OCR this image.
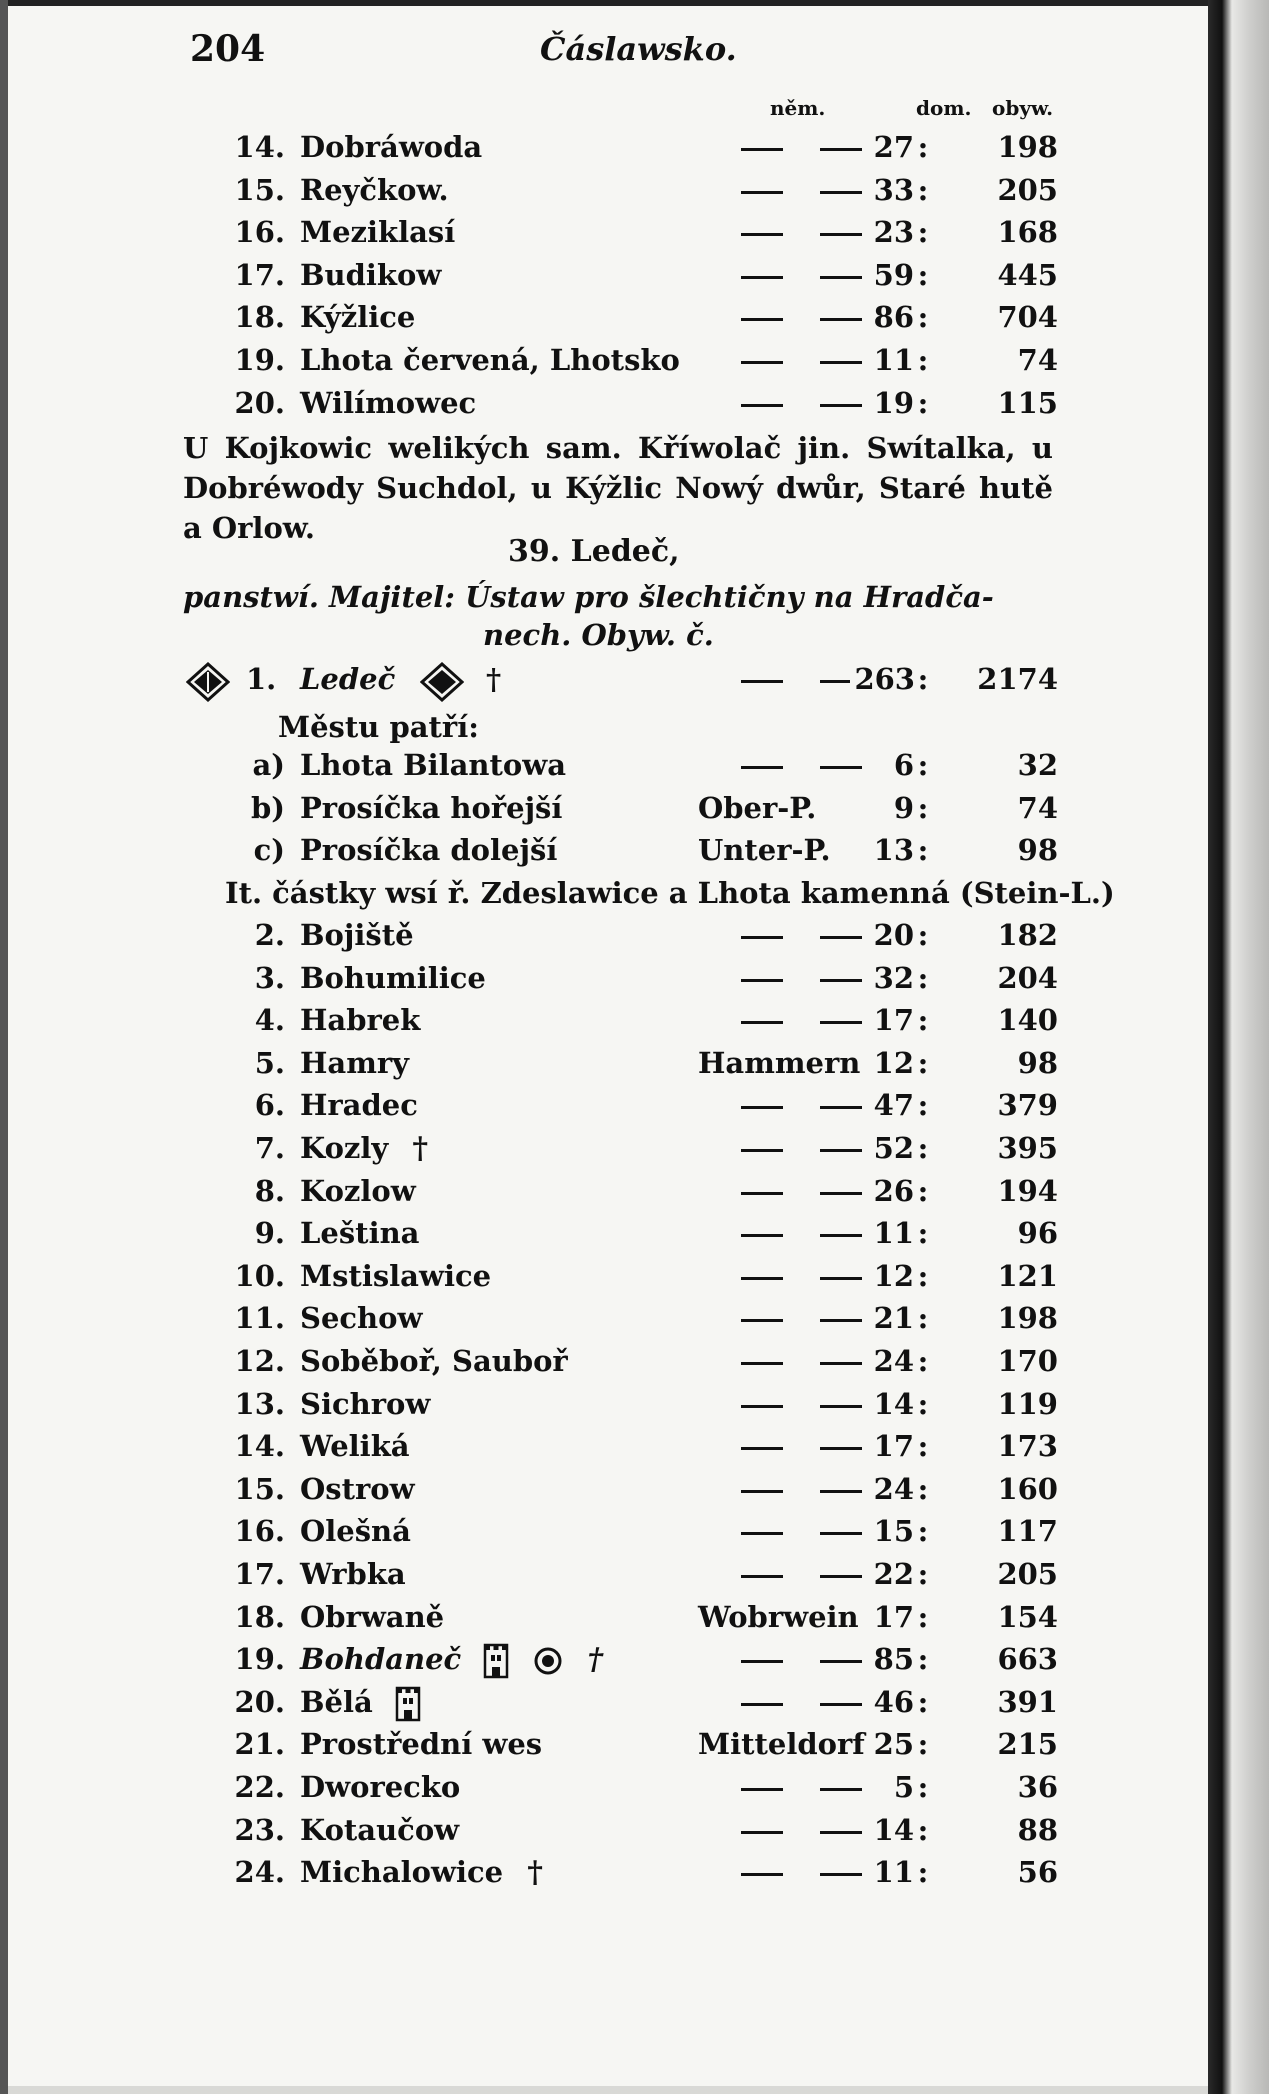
204	Čáslawsko.
něm.	dom. obyw.
U Kojkowic welikých sam. Kříwolač jin. Swítalka, u Dobréwody Suchdol, u Kýžlic Nowý dwůr, Staré hutě a Orlow.
39. Ledeč,
panstwí. Majitel: Ústaw pro šlechtičny na Hradča-
nech. Obyw. č.
1. Ledeč	†	263 :	2174
Městu patří:
It. částky wsí ř. Zdeslawice a Lhota kamenná (Stein-L.)
14. Dobráwoda	27 :	198
15. Reyčkow.	33 :	205
16. Meziklasí	23 :	168
17. Budikow	59 :	445
18. Kýžlice	86 :	704
19. Lhota červená, Lhotsko	11 :	74
20. Wilímowec	19 :	115
a) Lhota Bilantowa	6 :	32
b) Prosíčka hořejší	Ober-P.	9 :	74
c) Prosíčka dolejší	Unter-P.	13 :	98
2. Bojiště	20 :	182
3. Bohumilice	32 :	204
4. Habrek	17 :	140
5. Hamry	Hammern 12 :	98
6. Hradec	47 :	379
7. Kozly †	52 :	395
8. Kozlow	26 :	194
9. Leština	11 :	96
10. Mstislawice	12 :	121
11. Sechow	21 :	198
12. Soběboř, Sauboř	24 :	170
13. Sichrow	14 :	119
14. Weliká	17 :	173
15. Ostrow	24 :	160
16. Olešná	15 :	117
17. Wrbka	22 :	205
18. Obrwaně	Wobrwein 17 :	154
19. Bohdaneč	†	85 :	663
20. Bělá	46 :	391
21. Prostřední wes	Mitteldorf 25 :	215
22. Dworecko	5 :	36
23. Kotaučow	14 :	88
24. Michalowice †	11 :	56
